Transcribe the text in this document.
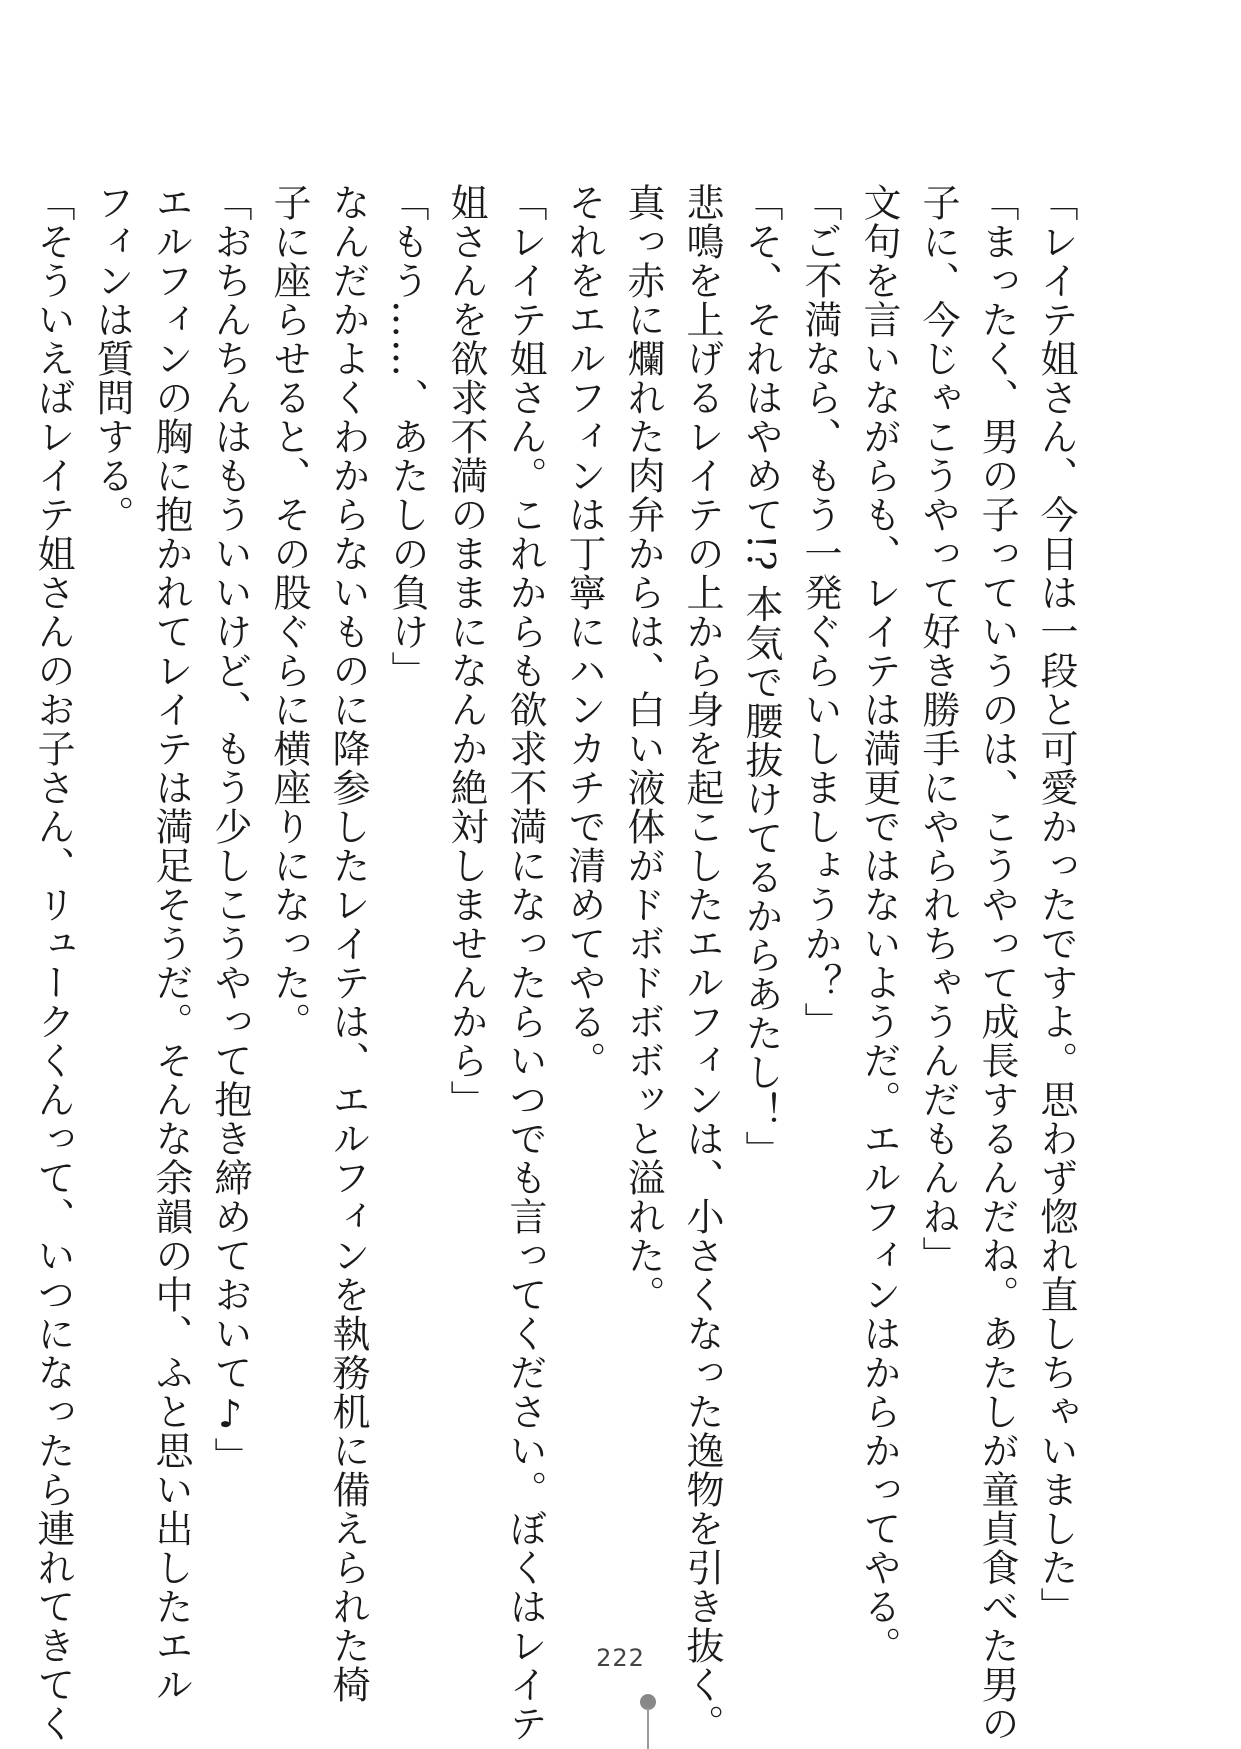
「レイテ姐さん、今日は一段と可愛かったですよ。思わず惚れ直しちゃいました」
「まったく、男の子っていうのは、こうやって成長するんだね。あたしが童貞食べた男の
子に、今じゃこうやって好き勝手にやられちゃうんだもんね」
文句を言いながらも、レイテは満更ではないようだ。エルフィンはからかってやる。
「ご不満なら、もう一発ぐらいしましょうか？」
「そ、それはやめて!? 本気で腰抜けてるからあたし！」
悲鳴を上げるレイテの上から身を起こしたエルフィンは、小さくなった逸物を引き抜く。
真っ赤に爛れた肉弁からは、白い液体がドボドボボッと溢れた。
それをエルフィンは丁寧にハンカチで清めてやる。
「レイテ姐さん。これからも欲求不満になったらいつでも言ってください。ぼくはレイテ
姐さんを欲求不満のままになんか絶対しませんから」
「もう……、あたしの負け」
なんだかよくわからないものに降参したレイテは、エルフィンを執務机に備えられた椅
子に座らせると、その股ぐらに横座りになった。
「おちんちんはもういいけど、もう少しこうやって抱き締めておいて♪」
エルフィンの胸に抱かれてレイテは満足そうだ。そんな余韻の中、ふと思い出したエル
フィンは質問する。
「そういえばレイテ姐さんのお子さん、リュークくんって、いつになったら連れてきてく	222
